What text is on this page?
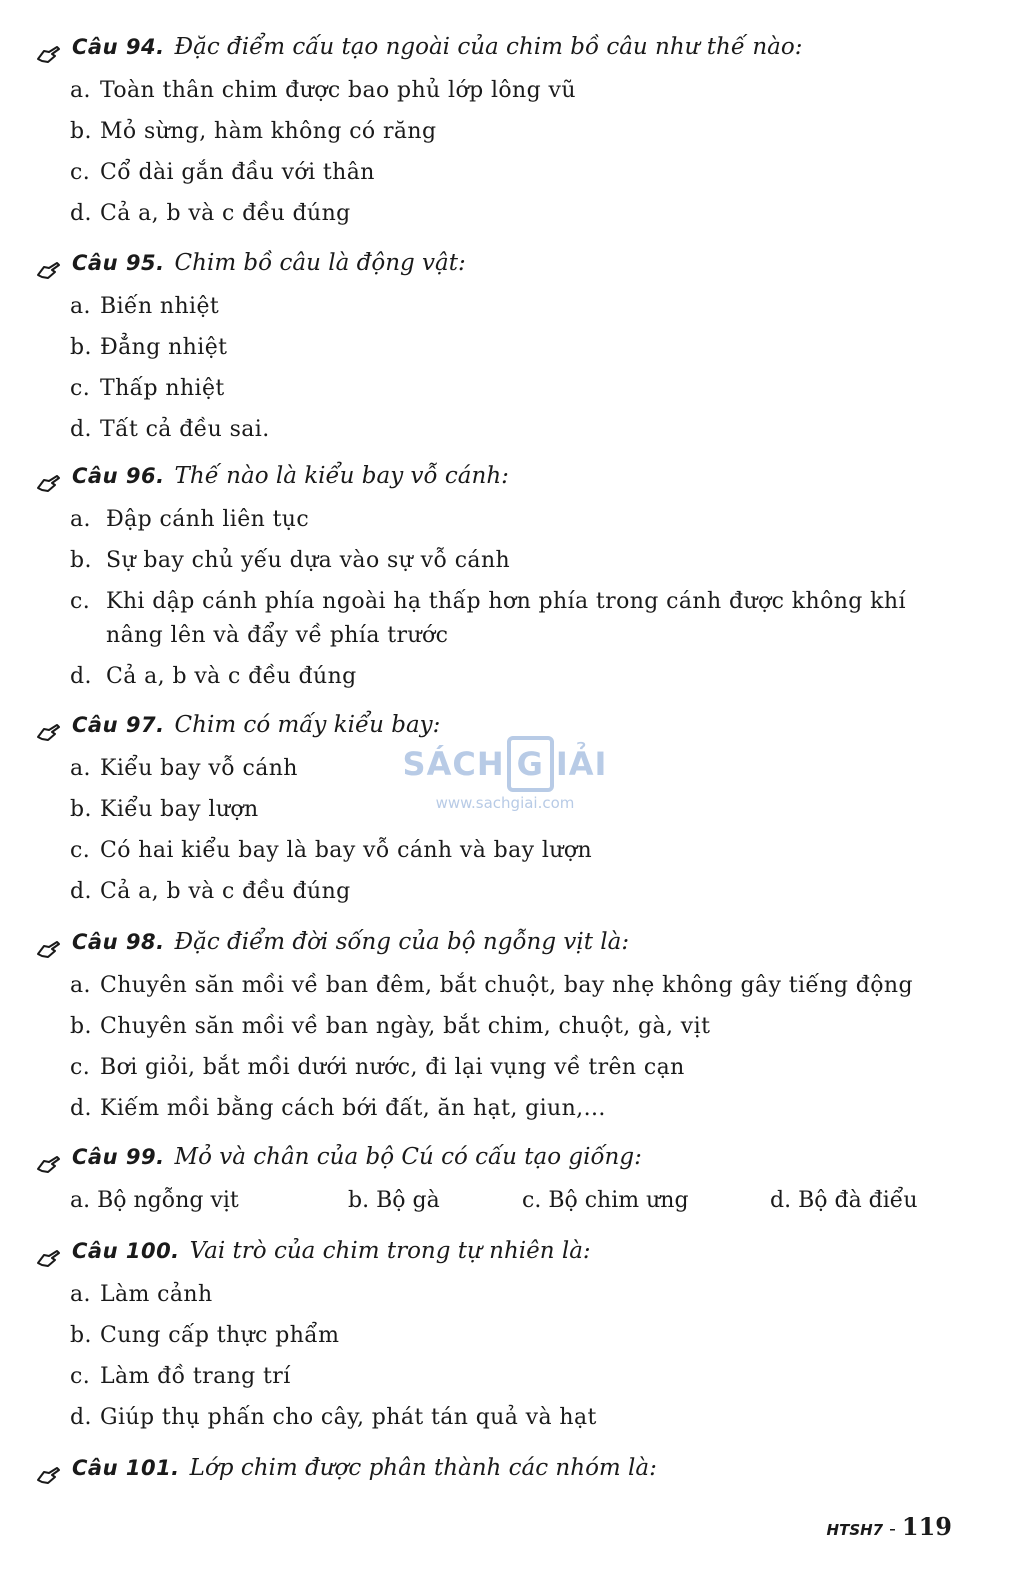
Câu 94. Đặc điểm cấu tạo ngoài của chim bồ câu như thế nào:
a. Toàn thân chim được bao phủ lớp lông vũ
b. Mỏ sừng, hàm không có răng
c. Cổ dài gắn đầu với thân
d. Cả a, b và c đều đúng
Câu 95. Chim bồ câu là động vật:
a. Biến nhiệt
b. Đẳng nhiệt
c. Thấp nhiệt
d. Tất cả đều sai.
Câu 96. Thế nào là kiểu bay vỗ cánh:
a. Đập cánh liên tục
b. Sự bay chủ yếu dựa vào sự vỗ cánh
c. Khi dập cánh phía ngoài hạ thấp hơn phía trong cánh được không khí nâng lên và đẩy về phía trước
d. Cả a, b và c đều đúng
Câu 97. Chim có mấy kiểu bay:
a. Kiểu bay vỗ cánh
b. Kiểu bay lượn
c. Có hai kiểu bay là bay vỗ cánh và bay lượn
d. Cả a, b và c đều đúng
Câu 98. Đặc điểm đời sống của bộ ngỗng vịt là:
a. Chuyên săn mồi về ban đêm, bắt chuột, bay nhẹ không gây tiếng động
b. Chuyên săn mồi về ban ngày, bắt chim, chuột, gà, vịt
c. Bơi giỏi, bắt mồi dưới nước, đi lại vụng về trên cạn
d. Kiếm mồi bằng cách bới đất, ăn hạt, giun,...
Câu 99. Mỏ và chân của bộ Cú có cấu tạo giống:
a. Bộ ngỗng vịt	b. Bộ gà	c. Bộ chim ưng	d. Bộ đà điểu
Câu 100. Vai trò của chim trong tự nhiên là:
a. Làm cảnh
b. Cung cấp thực phẩm
c. Làm đồ trang trí
d. Giúp thụ phấn cho cây, phát tán quả và hạt
Câu 101. Lớp chim được phân thành các nhóm là:
SÁCH G IẢI
www.sachgiai.com
HTSH7 - 119
